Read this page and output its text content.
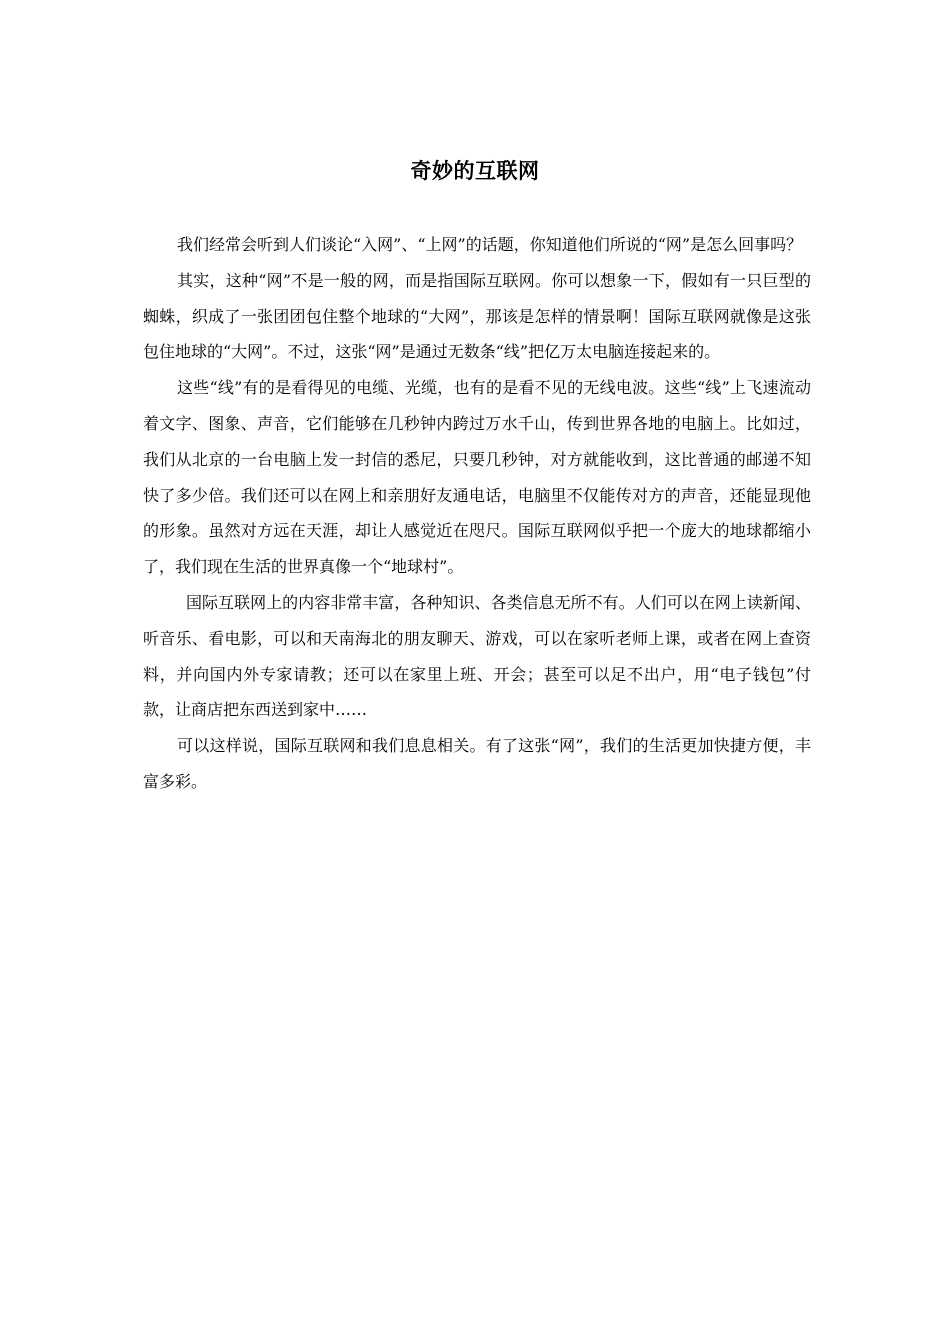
奇妙的互联网

我们经常会听到人们谈论“入网”、“上网”的话题，你知道他们所说的“网”是怎么回事吗？

其实，这种“网”不是一般的网，而是指国际互联网。你可以想象一下，假如有一只巨型的蜘蛛，织成了一张团团包住整个地球的“大网”，那该是怎样的情景啊！国际互联网就像是这张包住地球的“大网”。不过，这张“网”是通过无数条“线”把亿万太电脑连接起来的。

这些“线”有的是看得见的电缆、光缆，也有的是看不见的无线电波。这些“线”上飞速流动着文字、图象、声音，它们能够在几秒钟内跨过万水千山，传到世界各地的电脑上。比如过，我们从北京的一台电脑上发一封信的悉尼，只要几秒钟，对方就能收到，这比普通的邮递不知快了多少倍。我们还可以在网上和亲朋好友通电话，电脑里不仅能传对方的声音，还能显现他的形象。虽然对方远在天涯，却让人感觉近在咫尺。国际互联网似乎把一个庞大的地球都缩小了，我们现在生活的世界真像一个“地球村”。

国际互联网上的内容非常丰富，各种知识、各类信息无所不有。人们可以在网上读新闻、听音乐、看电影，可以和天南海北的朋友聊天、游戏，可以在家听老师上课，或者在网上查资料，并向国内外专家请教；还可以在家里上班、开会；甚至可以足不出户，用“电子钱包”付款，让商店把东西送到家中……

可以这样说，国际互联网和我们息息相关。有了这张“网”，我们的生活更加快捷方便，丰富多彩。
